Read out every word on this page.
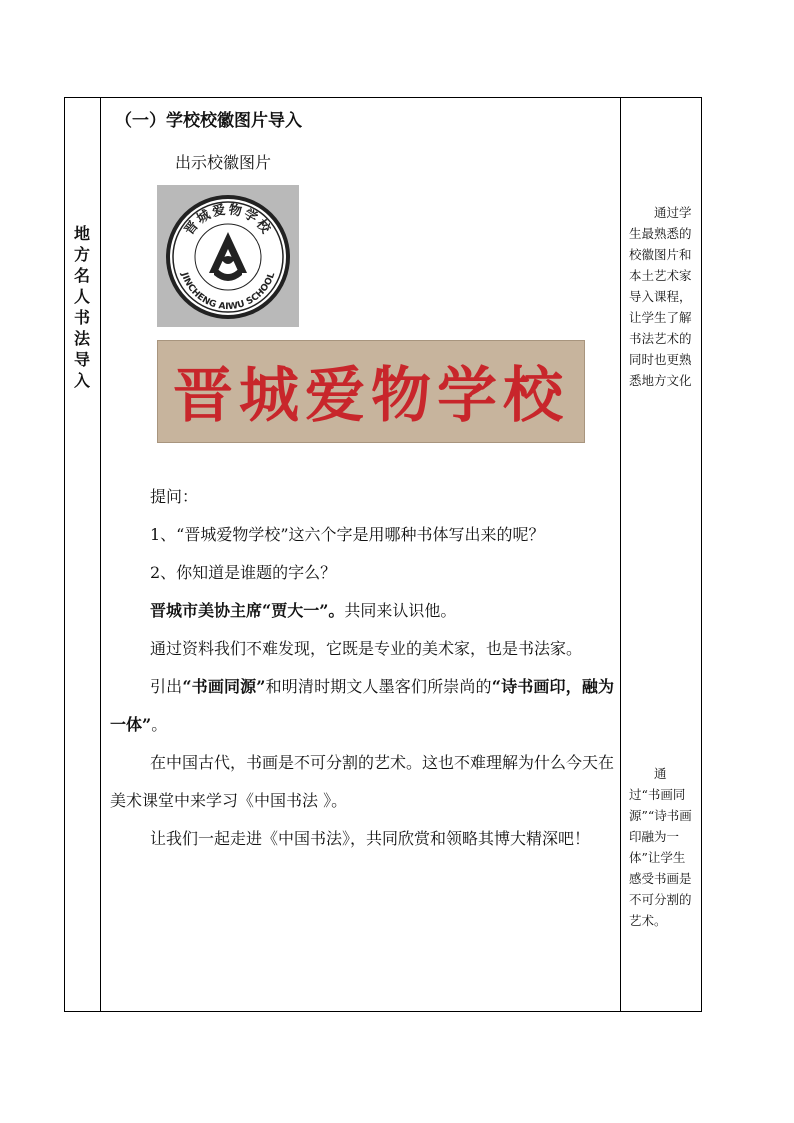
地方名人书法导入
（一）学校校徽图片导入
出示校徽图片
晋城爱物学校
JINCHENG AIWU SCHOOL
晋城爱物学校

提问：

1、“晋城爱物学校”这六个字是用哪种书体写出来的呢？

2、你知道是谁题的字么？

晋城市美协主席“贾大一”。共同来认识他。

通过资料我们不难发现，它既是专业的美术家，也是书法家。

引出“书画同源”和明清时期文人墨客们所崇尚的“诗书画印，融为一体”。

在中国古代，书画是不可分割的艺术。这也不难理解为什么今天在美术课堂中来学习《中国书法 》。

让我们一起走进《中国书法》，共同欣赏和领略其博大精深吧！

通过学生最熟悉的校徽图片和本土艺术家导入课程，让学生了解书法艺术的同时也更熟悉地方文化
通过“书画同源”“诗书画印融为一体”让学生感受书画是不可分割的艺术。
